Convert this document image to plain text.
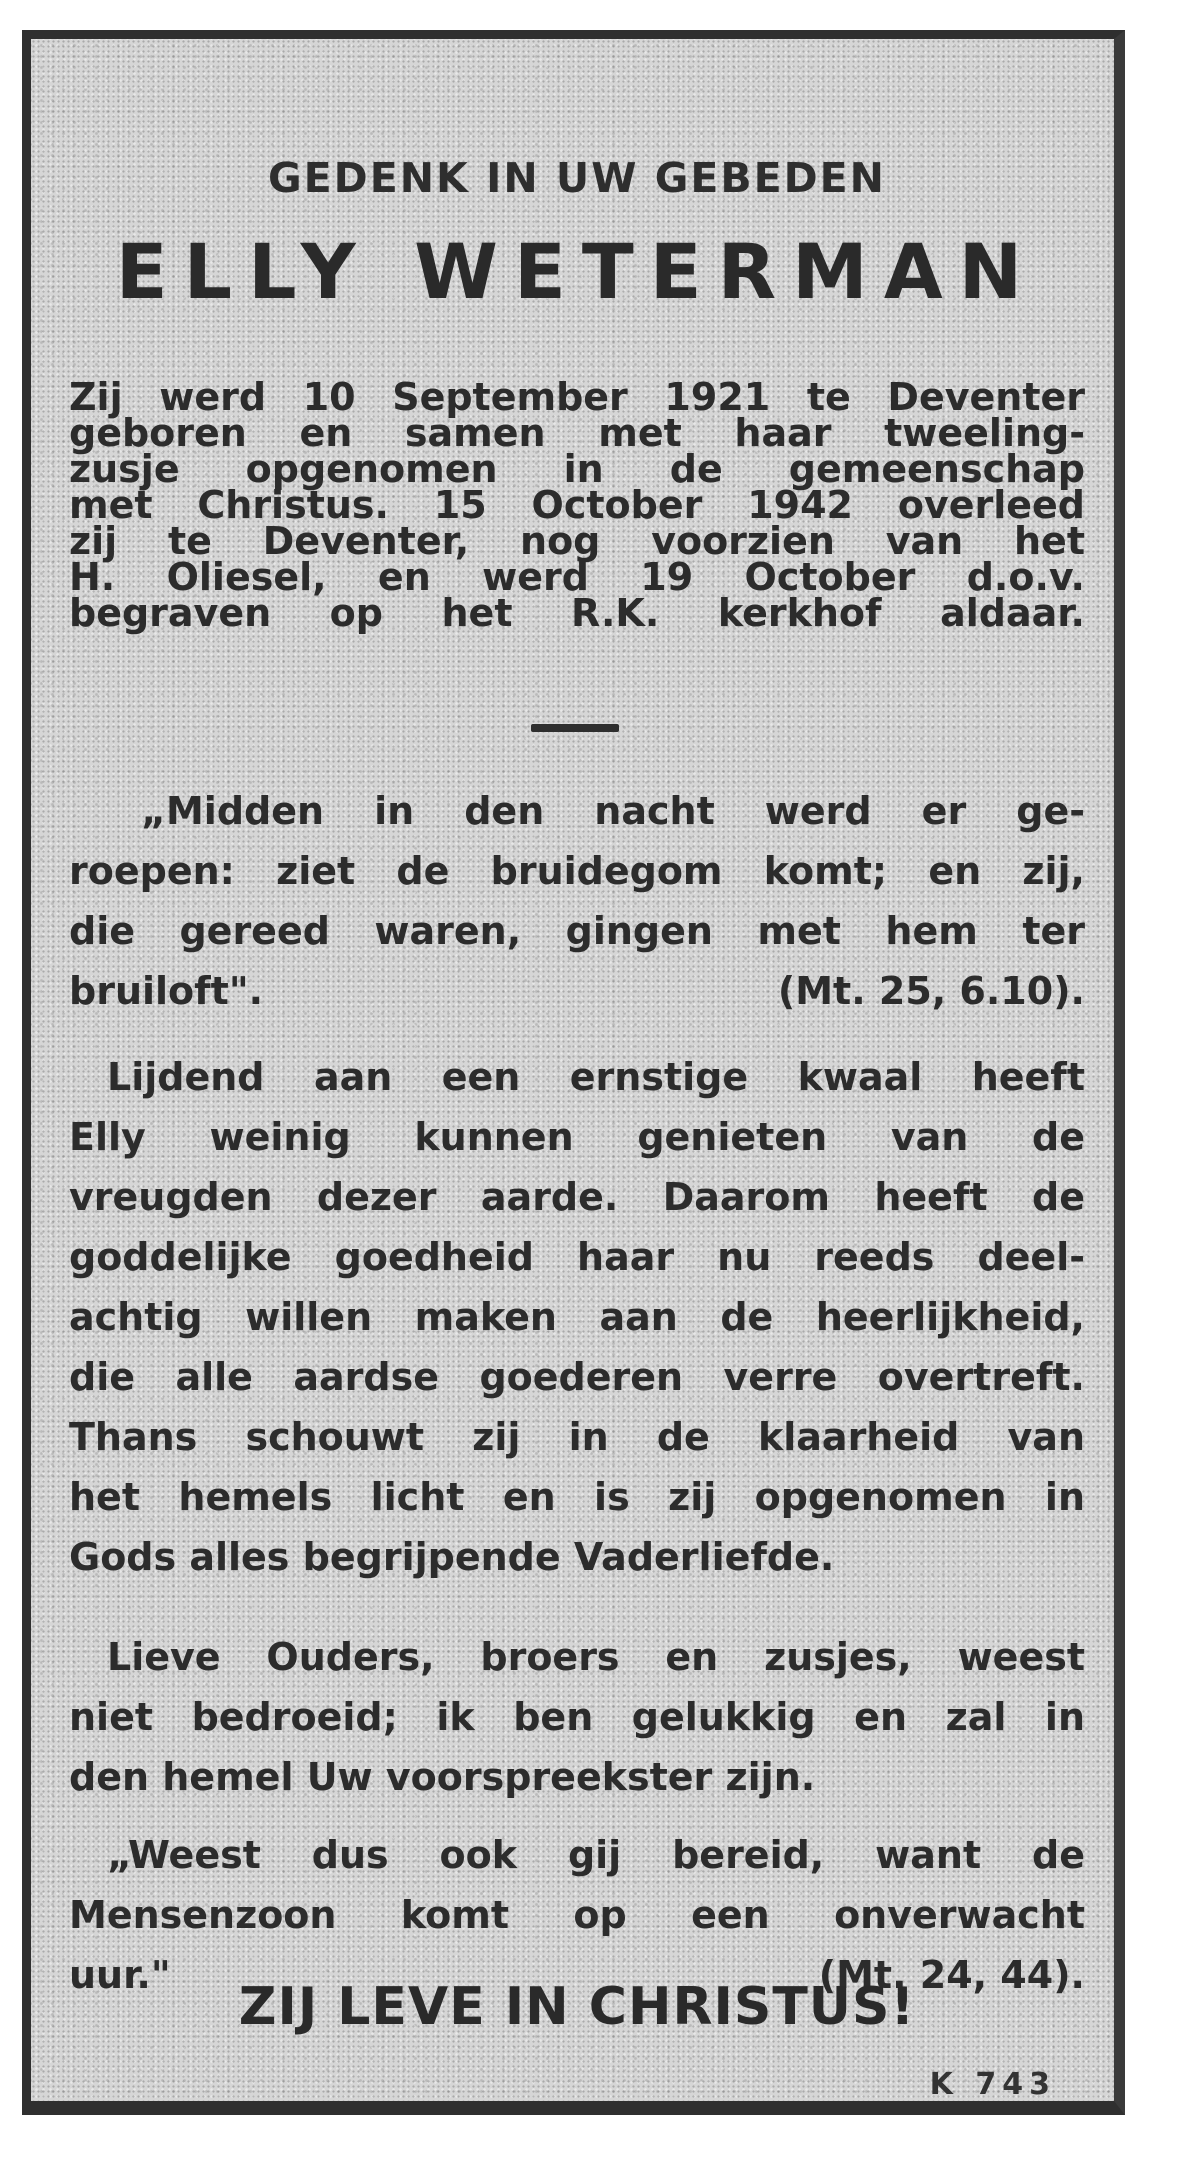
GEDENK IN UW GEBEDEN
ELLY WETERMAN
Zij werd 10 September 1921 te Deventer
geboren en samen met haar tweeling-
zusje opgenomen in de gemeenschap
met Christus. 15 October 1942 overleed
zij te Deventer, nog voorzien van het
H. Oliesel, en werd 19 October d.o.v.
begraven op het R.K. kerkhof aldaar.
„Midden in den nacht werd er ge-
roepen: ziet de bruidegom komt; en zij,
die gereed waren, gingen met hem ter
bruiloft".	(Mt. 25, 6.10).
Lijdend aan een ernstige kwaal heeft
Elly weinig kunnen genieten van de
vreugden dezer aarde. Daarom heeft de
goddelijke goedheid haar nu reeds deel-
achtig willen maken aan de heerlijkheid,
die alle aardse goederen verre overtreft.
Thans schouwt zij in de klaarheid van
het hemels licht en is zij opgenomen in
Gods alles begrijpende Vaderliefde.
Lieve Ouders, broers en zusjes, weest
niet bedroeid; ik ben gelukkig en zal in
den hemel Uw voorspreekster zijn.
„Weest dus ook gij bereid, want de
Mensenzoon komt op een onverwacht
uur."	(Mt. 24, 44).
ZIJ LEVE IN CHRISTUS!
K 743
